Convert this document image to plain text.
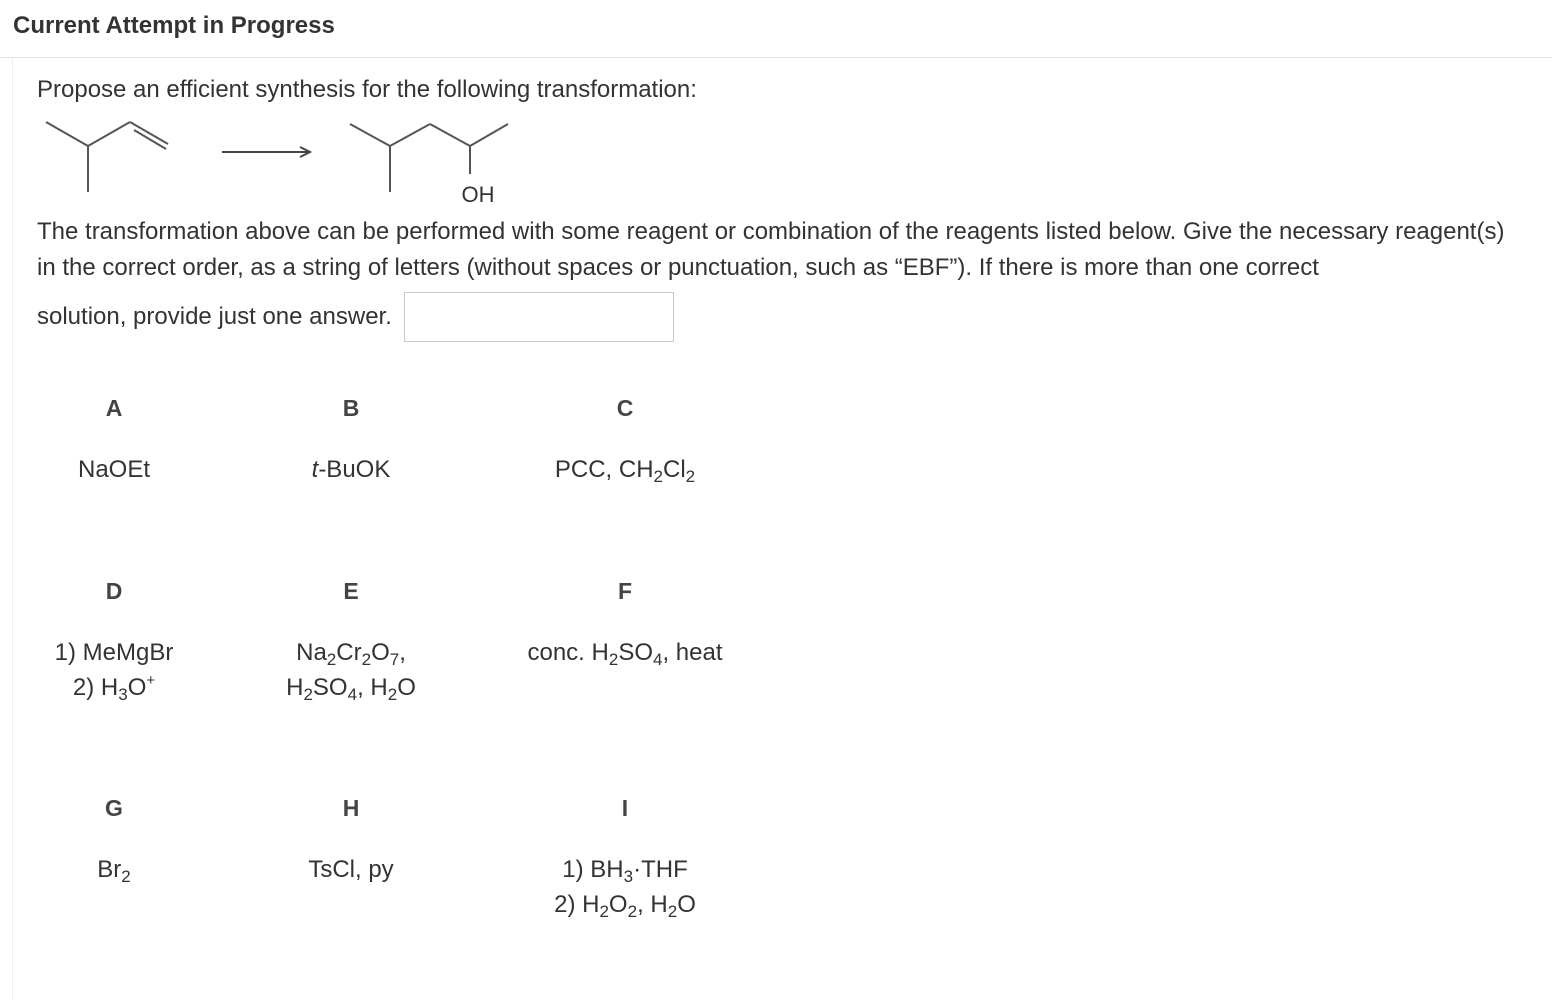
Current Attempt in Progress
Propose an efficient synthesis for the following transformation:
OH
The transformation above can be performed with some reagent or combination of the reagents listed below. Give the necessary reagent(s) in the correct order, as a string of letters (without spaces or punctuation, such as “EBF”). If there is more than one correct
solution, provide just one answer.
A
NaOEt
B
t-BuOK
C
PCC, $CH_2Cl_2$
D
1) MeMgBr
2) $H_3O^+$
E
$Na_2Cr_2O_7$,
$H_2SO_4$, $H_2O$
F
conc. $H_2SO_4$, heat
G
$Br_2$
H
TsCl, py
I
1) $BH_3\cdot THF$
2) $H_2O_2$, $H_2O$
